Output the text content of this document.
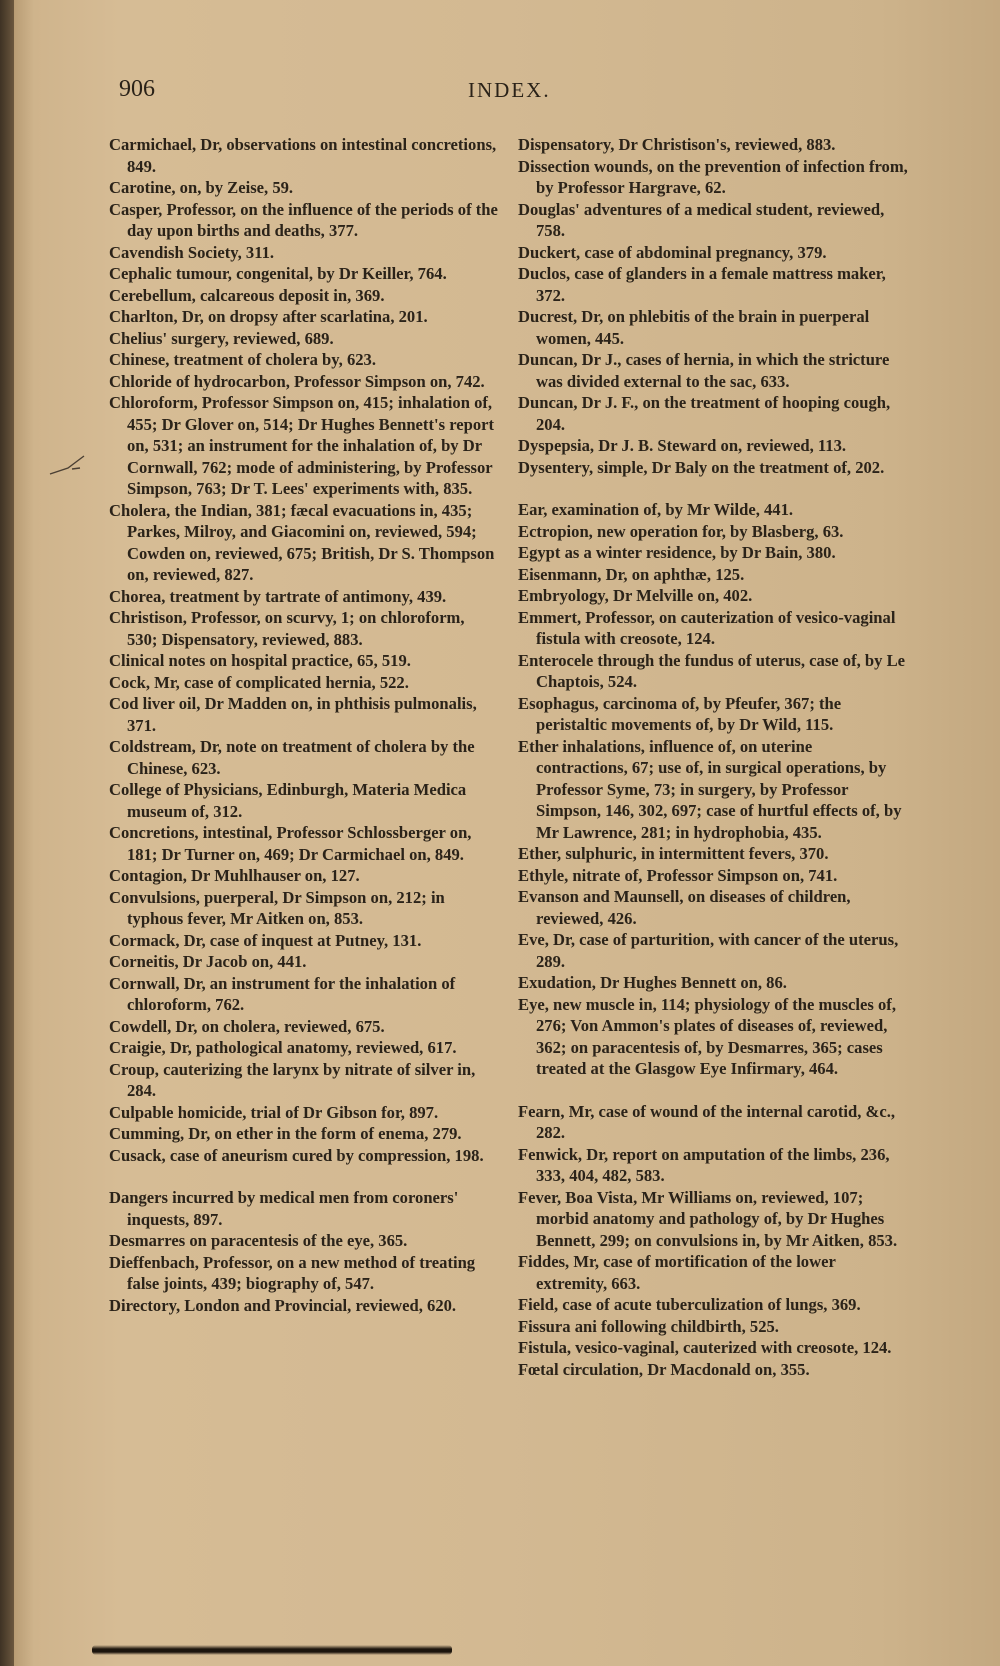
906	INDEX.

Carmichael, Dr, observations on intestinal concretions, 849.

Carotine, on, by Zeise, 59.

Casper, Professor, on the influence of the periods of the day upon births and deaths, 377.

Cavendish Society, 311.

Cephalic tumour, congenital, by Dr Keiller, 764.

Cerebellum, calcareous deposit in, 369.

Charlton, Dr, on dropsy after scarlatina, 201.

Chelius' surgery, reviewed, 689.

Chinese, treatment of cholera by, 623.

Chloride of hydrocarbon, Professor Simpson on, 742.

Chloroform, Professor Simpson on, 415; inhalation of, 455; Dr Glover on, 514; Dr Hughes Bennett's report on, 531; an instrument for the inhalation of, by Dr Cornwall, 762; mode of administering, by Professor Simpson, 763; Dr T. Lees' experiments with, 835.

Cholera, the Indian, 381; fæcal evacuations in, 435; Parkes, Milroy, and Giacomini on, reviewed, 594; Cowden on, reviewed, 675; British, Dr S. Thompson on, reviewed, 827.

Chorea, treatment by tartrate of antimony, 439.

Christison, Professor, on scurvy, 1; on chloroform, 530; Dispensatory, reviewed, 883.

Clinical notes on hospital practice, 65, 519.

Cock, Mr, case of complicated hernia, 522.

Cod liver oil, Dr Madden on, in phthisis pulmonalis, 371.

Coldstream, Dr, note on treatment of cholera by the Chinese, 623.

College of Physicians, Edinburgh, Materia Medica museum of, 312.

Concretions, intestinal, Professor Schlossberger on, 181; Dr Turner on, 469; Dr Carmichael on, 849.

Contagion, Dr Muhlhauser on, 127.

Convulsions, puerperal, Dr Simpson on, 212; in typhous fever, Mr Aitken on, 853.

Cormack, Dr, case of inquest at Putney, 131.

Corneitis, Dr Jacob on, 441.

Cornwall, Dr, an instrument for the inhalation of chloroform, 762.

Cowdell, Dr, on cholera, reviewed, 675.

Craigie, Dr, pathological anatomy, reviewed, 617.

Croup, cauterizing the larynx by nitrate of silver in, 284.

Culpable homicide, trial of Dr Gibson for, 897.

Cumming, Dr, on ether in the form of enema, 279.

Cusack, case of aneurism cured by compression, 198.

Dangers incurred by medical men from coroners' inquests, 897.

Desmarres on paracentesis of the eye, 365.

Dieffenbach, Professor, on a new method of treating false joints, 439; biography of, 547.

Directory, London and Provincial, reviewed, 620.

Dispensatory, Dr Christison's, reviewed, 883.

Dissection wounds, on the prevention of infection from, by Professor Hargrave, 62.

Douglas' adventures of a medical student, reviewed, 758.

Duckert, case of abdominal pregnancy, 379.

Duclos, case of glanders in a female mattress maker, 372.

Ducrest, Dr, on phlebitis of the brain in puerperal women, 445.

Duncan, Dr J., cases of hernia, in which the stricture was divided external to the sac, 633.

Duncan, Dr J. F., on the treatment of hooping cough, 204.

Dyspepsia, Dr J. B. Steward on, reviewed, 113.

Dysentery, simple, Dr Baly on the treatment of, 202.

Ear, examination of, by Mr Wilde, 441.

Ectropion, new operation for, by Blasberg, 63.

Egypt as a winter residence, by Dr Bain, 380.

Eisenmann, Dr, on aphthæ, 125.

Embryology, Dr Melville on, 402.

Emmert, Professor, on cauterization of vesico-vaginal fistula with creosote, 124.

Enterocele through the fundus of uterus, case of, by Le Chaptois, 524.

Esophagus, carcinoma of, by Pfeufer, 367; the peristaltic movements of, by Dr Wild, 115.

Ether inhalations, influence of, on uterine contractions, 67; use of, in surgical operations, by Professor Syme, 73; in surgery, by Professor Simpson, 146, 302, 697; case of hurtful effects of, by Mr Lawrence, 281; in hydrophobia, 435.

Ether, sulphuric, in intermittent fevers, 370.

Ethyle, nitrate of, Professor Simpson on, 741.

Evanson and Maunsell, on diseases of children, reviewed, 426.

Eve, Dr, case of parturition, with cancer of the uterus, 289.

Exudation, Dr Hughes Bennett on, 86.

Eye, new muscle in, 114; physiology of the muscles of, 276; Von Ammon's plates of diseases of, reviewed, 362; on paracentesis of, by Desmarres, 365; cases treated at the Glasgow Eye Infirmary, 464.

Fearn, Mr, case of wound of the internal carotid, &c., 282.

Fenwick, Dr, report on amputation of the limbs, 236, 333, 404, 482, 583.

Fever, Boa Vista, Mr Williams on, reviewed, 107; morbid anatomy and pathology of, by Dr Hughes Bennett, 299; on convulsions in, by Mr Aitken, 853.

Fiddes, Mr, case of mortification of the lower extremity, 663.

Field, case of acute tuberculization of lungs, 369.

Fissura ani following childbirth, 525.

Fistula, vesico-vaginal, cauterized with creosote, 124.

Fœtal circulation, Dr Macdonald on, 355.
